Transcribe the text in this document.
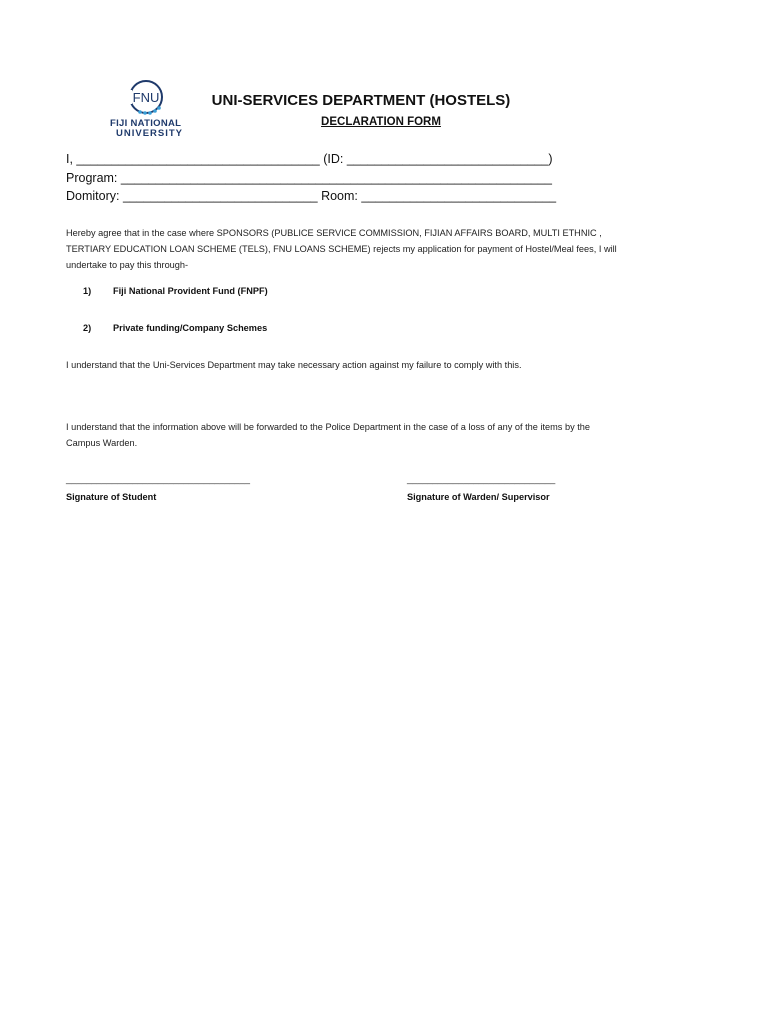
FNU
FIJI NATIONAL
UNIVERSITY
UNI-SERVICES DEPARTMENT (HOSTELS)
DECLARATION FORM
I, ___________________________________ (ID: _____________________________)
Program: ______________________________________________________________
Domitory: ____________________________ Room: ____________________________
Hereby agree that in the case where SPONSORS (PUBLICE SERVICE COMMISSION, FIJIAN AFFAIRS BOARD, MULTI ETHNIC , TERTIARY EDUCATION LOAN SCHEME (TELS), FNU LOANS SCHEME) rejects my application for payment of Hostel/Meal fees, I will undertake to pay this through-
1) Fiji National Provident Fund (FNPF)
2) Private funding/Company Schemes
I understand that the Uni-Services Department may take necessary action against my failure to comply with this.
I understand that the information above will be forwarded to the Police Department in the case of a loss of any of the items by the Campus Warden.
____________________________________
Signature of Student
_____________________________
Signature of Warden/ Supervisor
